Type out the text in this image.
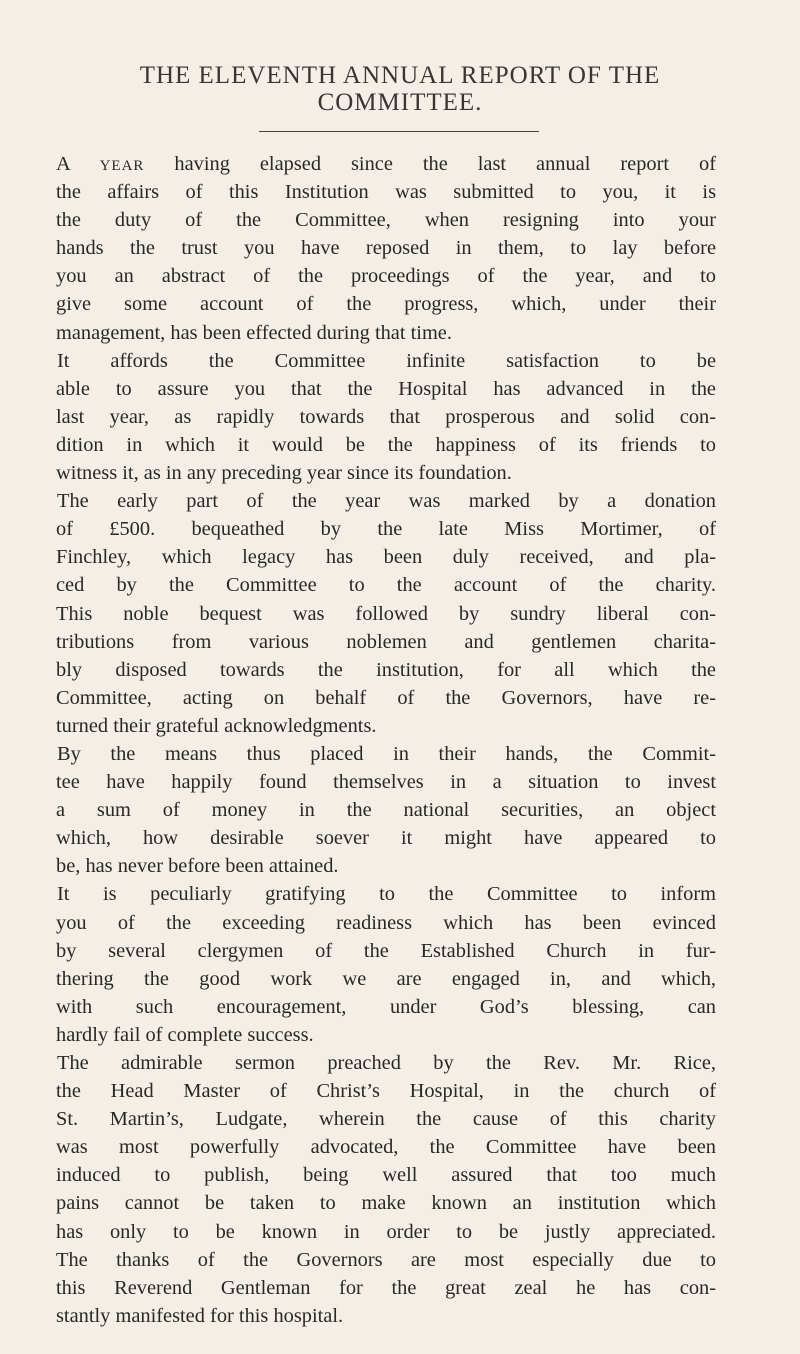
THE ELEVENTH ANNUAL REPORT OF THE
COMMITTEE.
A YEAR having elapsed since the last annual report of
the affairs of this Institution was submitted to you, it is
the duty of the Committee, when resigning into your
hands the trust you have reposed in them, to lay before
you an abstract of the proceedings of the year, and to
give some account of the progress, which, under their
management, has been effected during that time.
It affords the Committee infinite satisfaction to be
able to assure you that the Hospital has advanced in the
last year, as rapidly towards that prosperous and solid con-
dition in which it would be the happiness of its friends to
witness it, as in any preceding year since its foundation.
The early part of the year was marked by a donation
of £500. bequeathed by the late Miss Mortimer, of
Finchley, which legacy has been duly received, and pla-
ced by the Committee to the account of the charity.
This noble bequest was followed by sundry liberal con-
tributions from various noblemen and gentlemen charita-
bly disposed towards the institution, for all which the
Committee, acting on behalf of the Governors, have re-
turned their grateful acknowledgments.
By the means thus placed in their hands, the Commit-
tee have happily found themselves in a situation to invest
a sum of money in the national securities, an object
which, how desirable soever it might have appeared to
be, has never before been attained.
It is peculiarly gratifying to the Committee to inform
you of the exceeding readiness which has been evinced
by several clergymen of the Established Church in fur-
thering the good work we are engaged in, and which,
with such encouragement, under God’s blessing, can
hardly fail of complete success.
The admirable sermon preached by the Rev. Mr. Rice,
the Head Master of Christ’s Hospital, in the church of
St. Martin’s, Ludgate, wherein the cause of this charity
was most powerfully advocated, the Committee have been
induced to publish, being well assured that too much
pains cannot be taken to make known an institution which
has only to be known in order to be justly appreciated.
The thanks of the Governors are most especially due to
this Reverend Gentleman for the great zeal he has con-
stantly manifested for this hospital.
